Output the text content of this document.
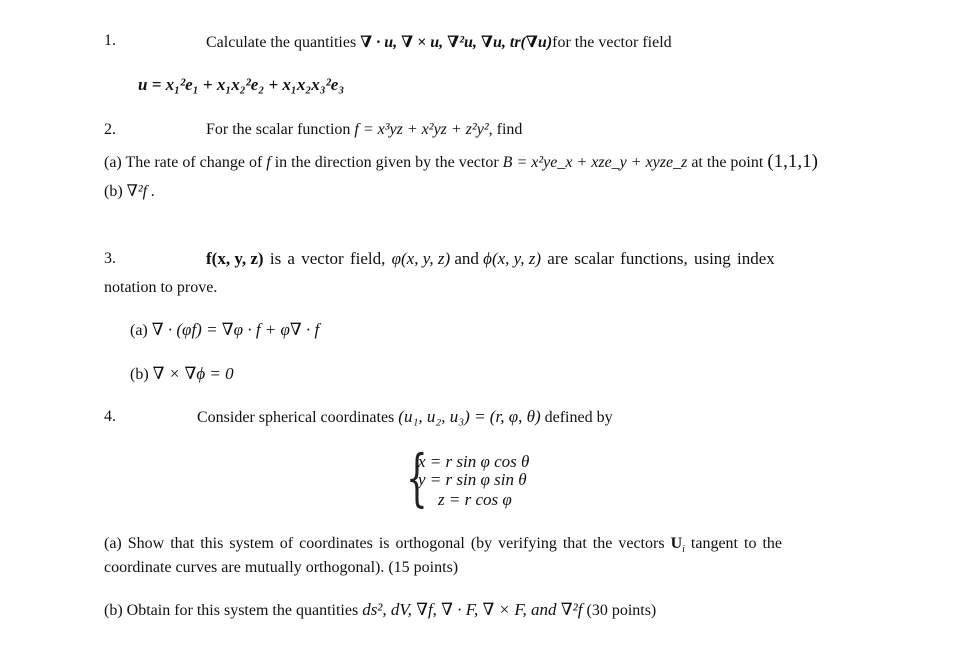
1.	Calculate the quantities ∇ · u, ∇ × u, ∇²u, ∇u, tr(∇u)for the vector field
u = x₁²e₁ + x₁x₂²e₂ + x₁x₂x₃²e₃
2.	For the scalar function f = x³yz + x²yz + z²y², find
(a) The rate of change of f in the direction given by the vector B = x²ye_x + xze_y + xyze_z at the point (1,1,1)
(b) ∇²f .
3.	f(x, y, z) is a vector field, φ(x, y, z) and ϕ(x, y, z) are scalar functions, using index
notation to prove.
(a) ∇ · (φf) = ∇φ · f + φ∇ · f
(b) ∇ × ∇ϕ = 0
4.	Consider spherical coordinates (u₁, u₂, u₃) = (r, φ, θ) defined by
{
x = r sin φ cos θ
y = r sin φ sin θ
z = r cos φ
(a) Show that this system of coordinates is orthogonal (by verifying that the vectors $U_i$ tangent to the
coordinate curves are mutually orthogonal). (15 points)
(b) Obtain for this system the quantities ds², dV, ∇f, ∇ · F, ∇ × F, and ∇²f (30 points)
